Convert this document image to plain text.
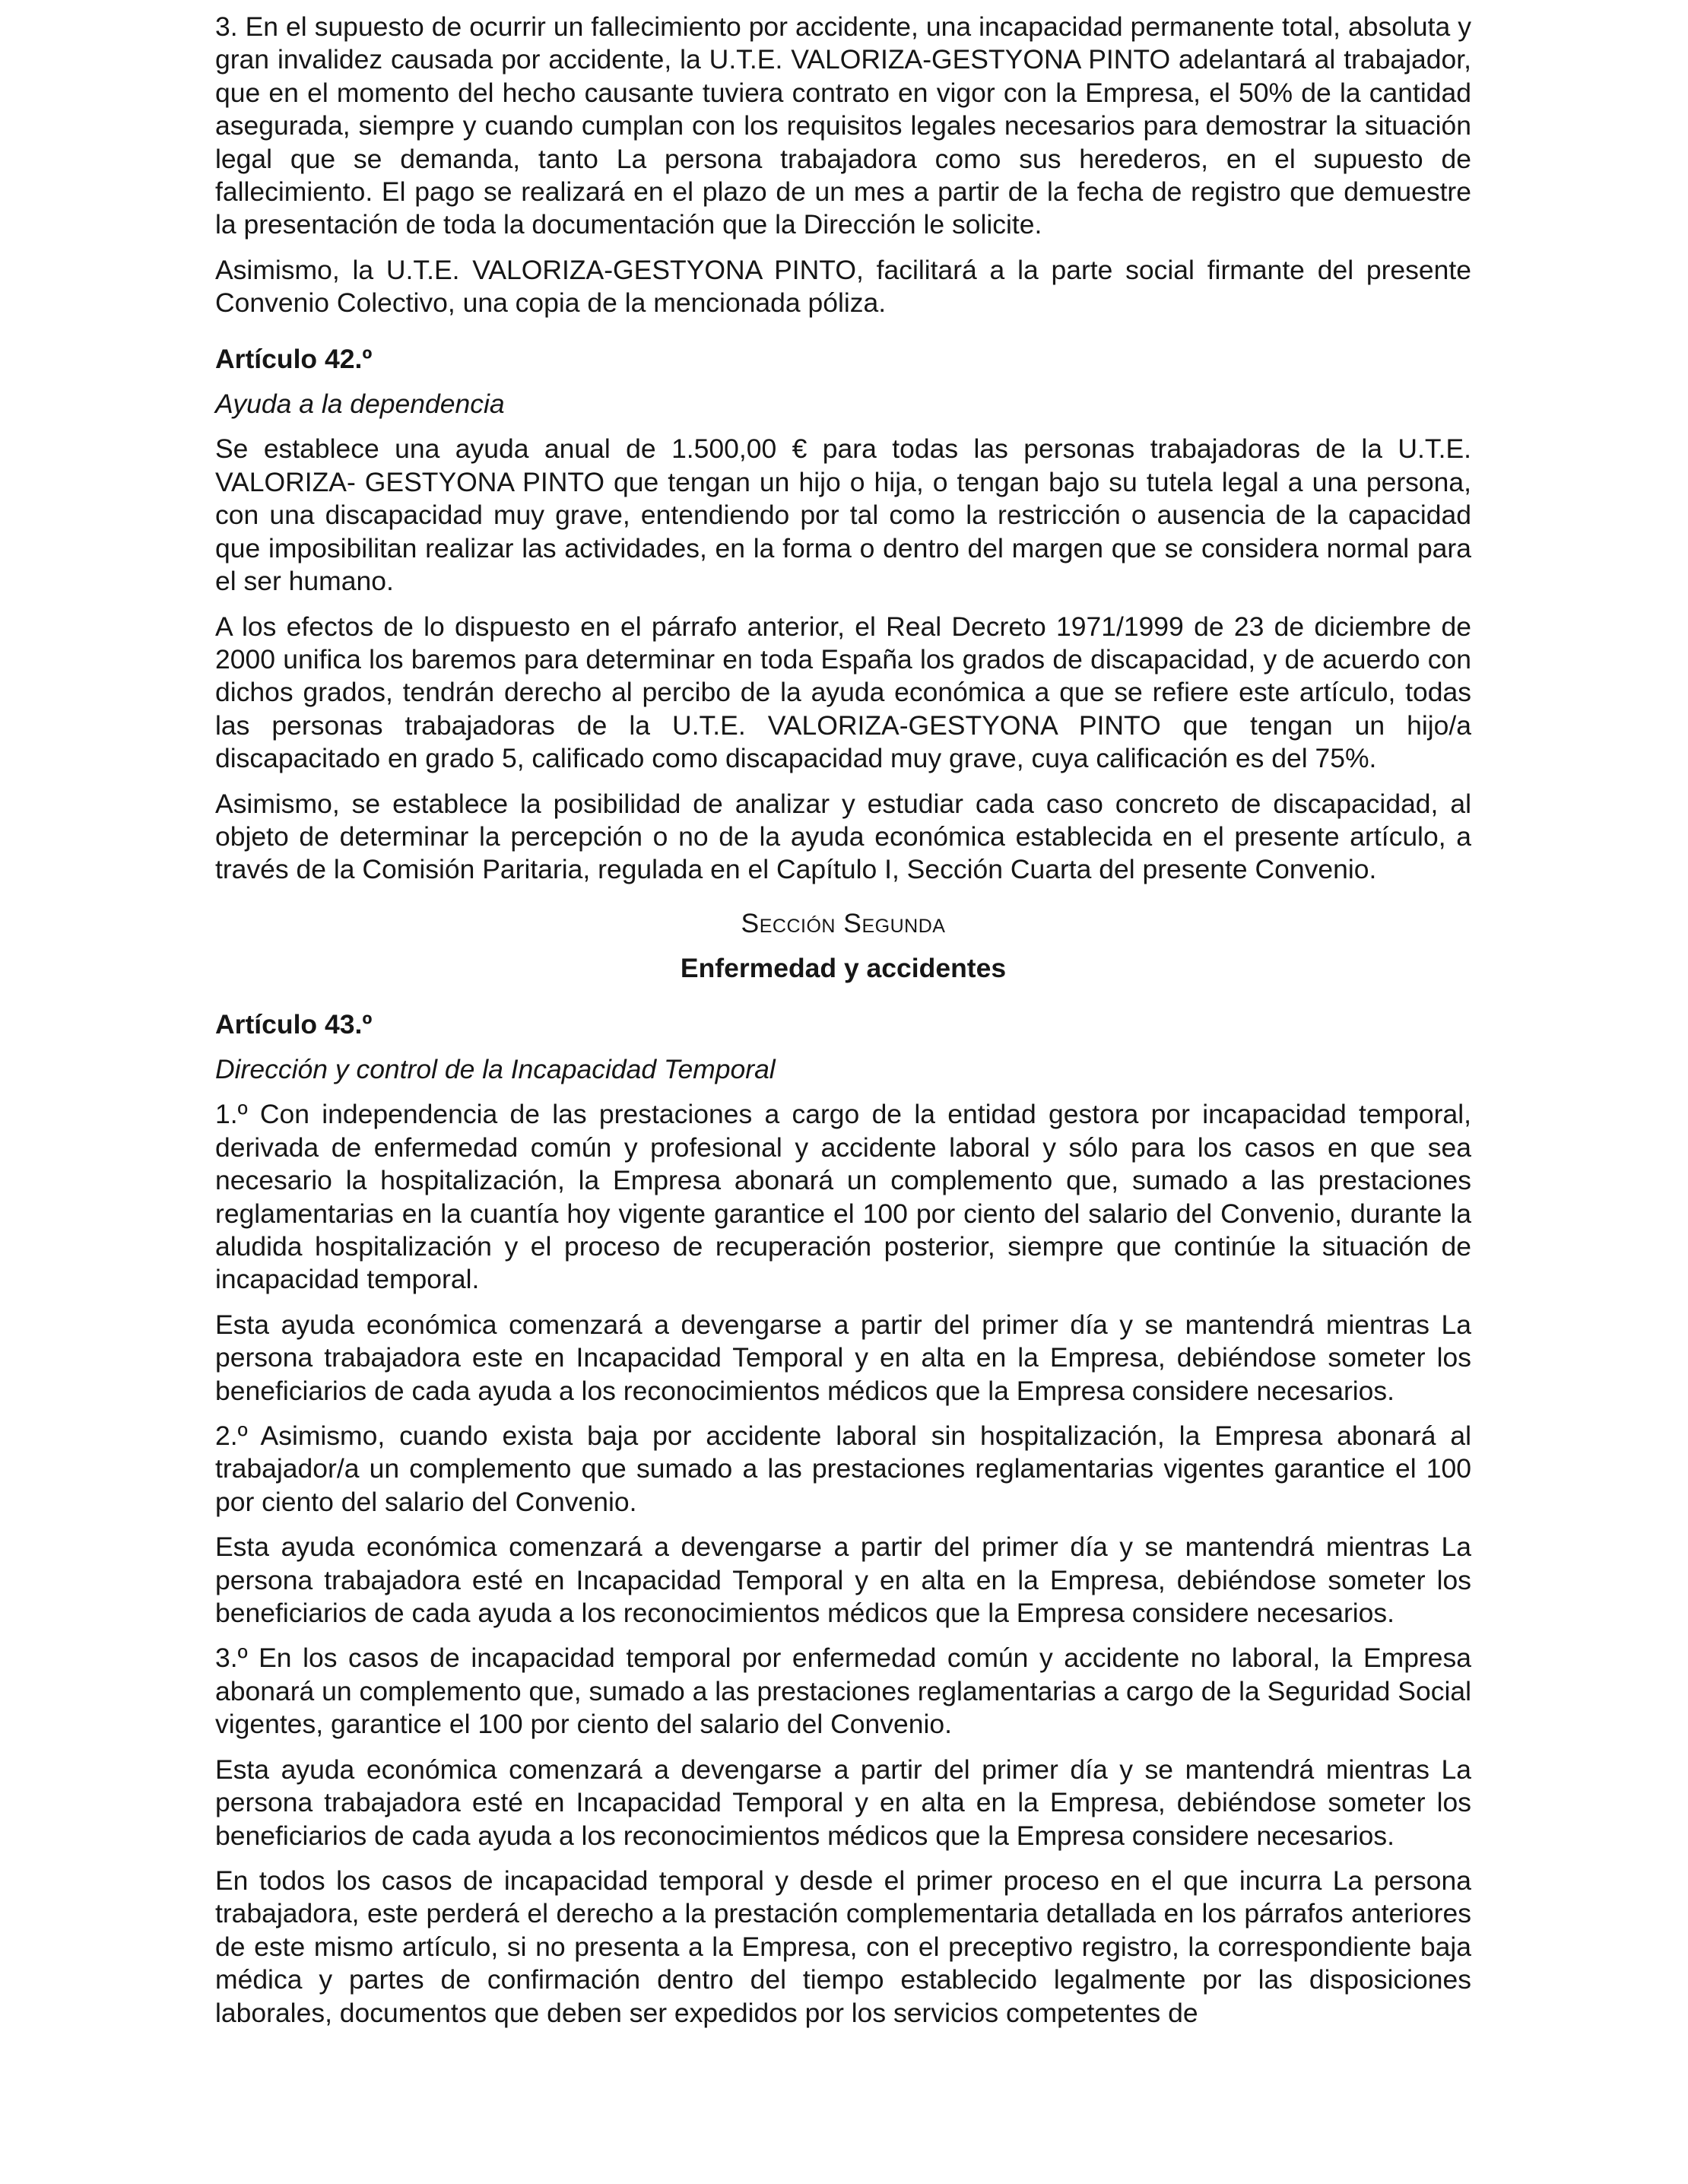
3. En el supuesto de ocurrir un fallecimiento por accidente, una incapacidad permanente total, absoluta y gran invalidez causada por accidente, la U.T.E. VALORIZA-GESTYONA PINTO adelantará al trabajador, que en el momento del hecho causante tuviera contrato en vigor con la Empresa, el 50% de la cantidad asegurada, siempre y cuando cumplan con los requisitos legales necesarios para demostrar la situación legal que se demanda, tanto La persona trabajadora como sus herederos, en el supuesto de fallecimiento. El pago se realizará en el plazo de un mes a partir de la fecha de registro que demuestre la presentación de toda la documentación que la Dirección le solicite.

Asimismo, la U.T.E. VALORIZA-GESTYONA PINTO, facilitará a la parte social firmante del presente Convenio Colectivo, una copia de la mencionada póliza.

Artículo 42.º

Ayuda a la dependencia

Se establece una ayuda anual de 1.500,00 € para todas las personas trabajadoras de la U.T.E. VALORIZA- GESTYONA PINTO que tengan un hijo o hija, o tengan bajo su tutela legal a una persona, con una discapacidad muy grave, entendiendo por tal como la restricción o ausencia de la capacidad que imposibilitan realizar las actividades, en la forma o dentro del margen que se considera normal para el ser humano.

A los efectos de lo dispuesto en el párrafo anterior, el Real Decreto 1971/1999 de 23 de diciembre de 2000 unifica los baremos para determinar en toda España los grados de discapacidad, y de acuerdo con dichos grados, tendrán derecho al percibo de la ayuda económica a que se refiere este artículo, todas las personas trabajadoras de la U.T.E. VALORIZA-GESTYONA PINTO que tengan un hijo/a discapacitado en grado 5, calificado como discapacidad muy grave, cuya calificación es del 75%.

Asimismo, se establece la posibilidad de analizar y estudiar cada caso concreto de discapacidad, al objeto de determinar la percepción o no de la ayuda económica establecida en el presente artículo, a través de la Comisión Paritaria, regulada en el Capítulo I, Sección Cuarta del presente Convenio.

Sección Segunda

Enfermedad y accidentes

Artículo 43.º

Dirección y control de la Incapacidad Temporal

1.º Con independencia de las prestaciones a cargo de la entidad gestora por incapacidad temporal, derivada de enfermedad común y profesional y accidente laboral y sólo para los casos en que sea necesario la hospitalización, la Empresa abonará un complemento que, sumado a las prestaciones reglamentarias en la cuantía hoy vigente garantice el 100 por ciento del salario del Convenio, durante la aludida hospitalización y el proceso de recuperación posterior, siempre que continúe la situación de incapacidad temporal.

Esta ayuda económica comenzará a devengarse a partir del primer día y se mantendrá mientras La persona trabajadora este en Incapacidad Temporal y en alta en la Empresa, debiéndose someter los beneficiarios de cada ayuda a los reconocimientos médicos que la Empresa considere necesarios.

2.º Asimismo, cuando exista baja por accidente laboral sin hospitalización, la Empresa abonará al trabajador/a un complemento que sumado a las prestaciones reglamentarias vigentes garantice el 100 por ciento del salario del Convenio.

Esta ayuda económica comenzará a devengarse a partir del primer día y se mantendrá mientras La persona trabajadora esté en Incapacidad Temporal y en alta en la Empresa, debiéndose someter los beneficiarios de cada ayuda a los reconocimientos médicos que la Empresa considere necesarios.

3.º En los casos de incapacidad temporal por enfermedad común y accidente no laboral, la Empresa abonará un complemento que, sumado a las prestaciones reglamentarias a cargo de la Seguridad Social vigentes, garantice el 100 por ciento del salario del Convenio.

Esta ayuda económica comenzará a devengarse a partir del primer día y se mantendrá mientras La persona trabajadora esté en Incapacidad Temporal y en alta en la Empresa, debiéndose someter los beneficiarios de cada ayuda a los reconocimientos médicos que la Empresa considere necesarios.

En todos los casos de incapacidad temporal y desde el primer proceso en el que incurra La persona trabajadora, este perderá el derecho a la prestación complementaria detallada en los párrafos anteriores de este mismo artículo, si no presenta a la Empresa, con el preceptivo registro, la correspondiente baja médica y partes de confirmación dentro del tiempo establecido legalmente por las disposiciones laborales, documentos que deben ser expedidos por los servicios competentes de
